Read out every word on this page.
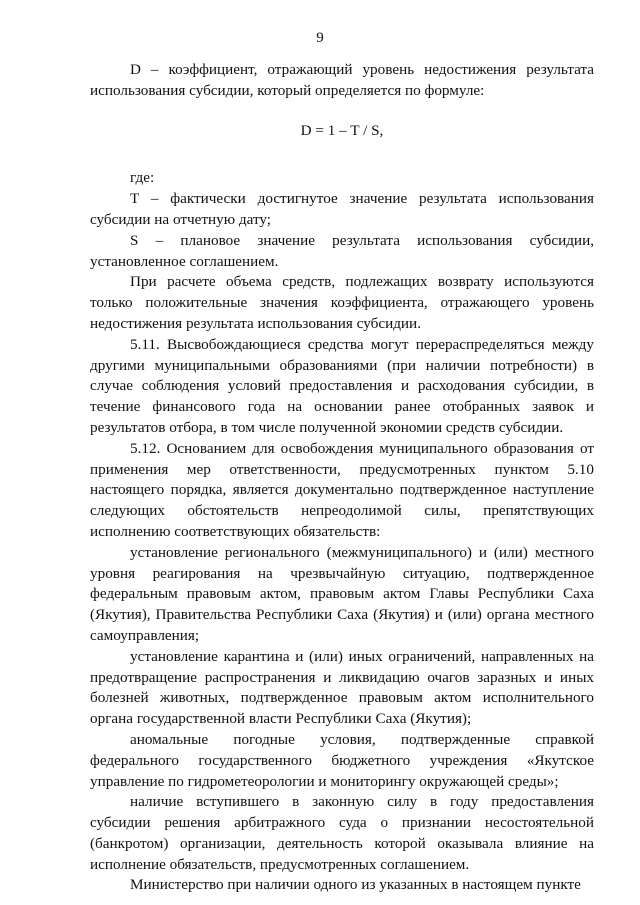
9

D – коэффициент, отражающий уровень недостижения результата использования субсидии, который определяется по формуле:

D = 1 – T / S,

где:

T – фактически достигнутое значение результата использования субсидии на отчетную дату;

S – плановое значение результата использования субсидии, установленное соглашением.

При расчете объема средств, подлежащих возврату используются только положительные значения коэффициента, отражающего уровень недостижения результата использования субсидии.

5.11. Высвобождающиеся средства могут перераспределяться между другими муниципальными образованиями (при наличии потребности) в случае соблюдения условий предоставления и расходования субсидии, в течение финансового года на основании ранее отобранных заявок и результатов отбора, в том числе полученной экономии средств субсидии.

5.12. Основанием для освобождения муниципального образования от применения мер ответственности, предусмотренных пунктом 5.10 настоящего порядка, является документально подтвержденное наступление следующих обстоятельств непреодолимой силы, препятствующих исполнению соответствующих обязательств:

установление регионального (межмуниципального) и (или) местного уровня реагирования на чрезвычайную ситуацию, подтвержденное федеральным правовым актом, правовым актом Главы Республики Саха (Якутия), Правительства Республики Саха (Якутия) и (или) органа местного самоуправления;

установление карантина и (или) иных ограничений, направленных на предотвращение распространения и ликвидацию очагов заразных и иных болезней животных, подтвержденное правовым актом исполнительного органа государственной власти Республики Саха (Якутия);

аномальные погодные условия, подтвержденные справкой федерального государственного бюджетного учреждения «Якутское управление по гидрометеорологии и мониторингу окружающей среды»;

наличие вступившего в законную силу в году предоставления субсидии решения арбитражного суда о признании несостоятельной (банкротом) организации, деятельность которой оказывала влияние на исполнение обязательств, предусмотренных соглашением.

Министерство при наличии одного из указанных в настоящем пункте
